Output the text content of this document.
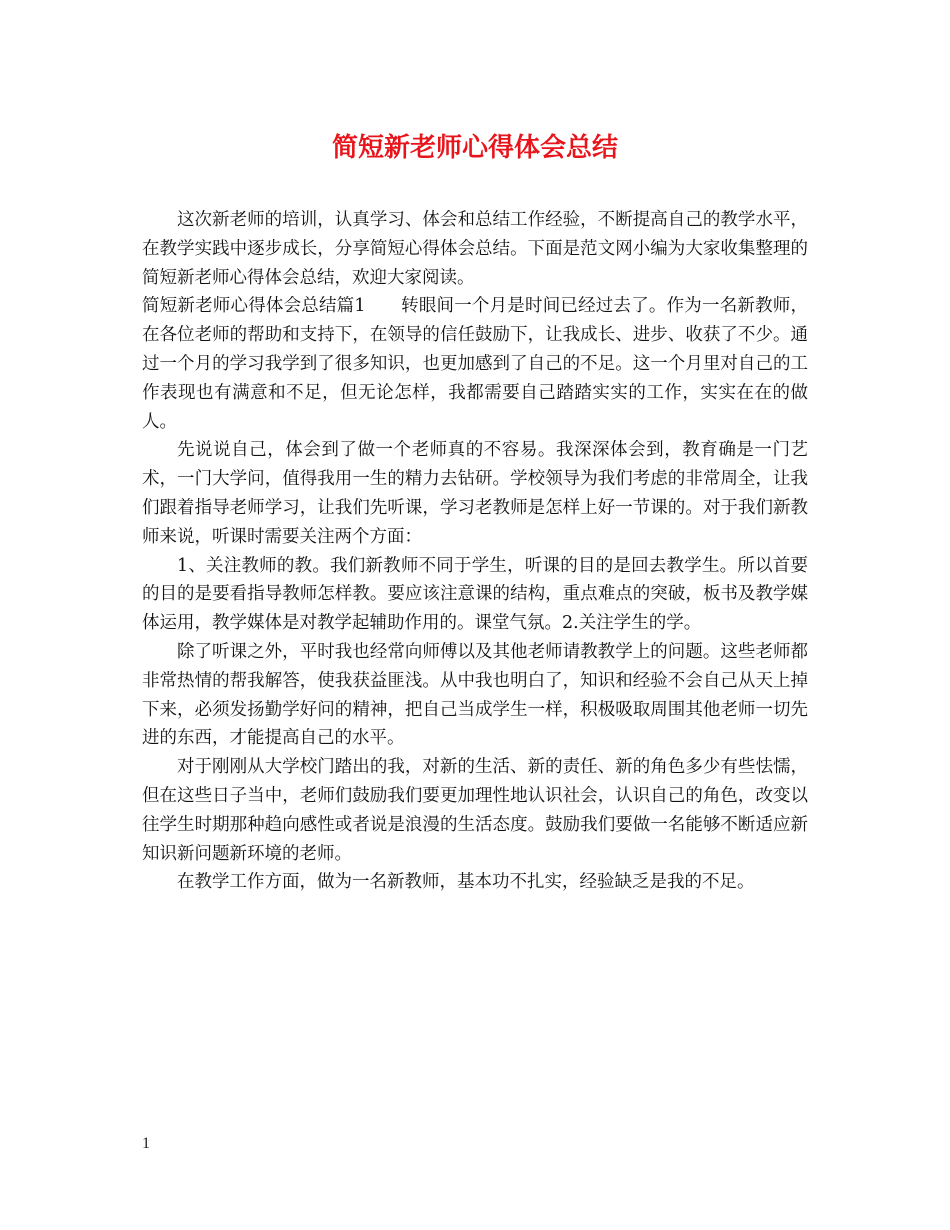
简短新老师心得体会总结

这次新老师的培训，认真学习、体会和总结工作经验，不断提高自己的教学水平，在教学实践中逐步成长，分享简短心得体会总结。下面是范文网小编为大家收集整理的简短新老师心得体会总结，欢迎大家阅读。

简短新老师心得体会总结篇1　　转眼间一个月是时间已经过去了。作为一名新教师，在各位老师的帮助和支持下，在领导的信任鼓励下，让我成长、进步、收获了不少。通过一个月的学习我学到了很多知识，也更加感到了自己的不足。这一个月里对自己的工作表现也有满意和不足，但无论怎样，我都需要自己踏踏实实的工作，实实在在的做人。

先说说自己，体会到了做一个老师真的不容易。我深深体会到，教育确是一门艺术，一门大学问，值得我用一生的精力去钻研。学校领导为我们考虑的非常周全，让我们跟着指导老师学习，让我们先听课，学习老教师是怎样上好一节课的。对于我们新教师来说，听课时需要关注两个方面：

1、关注教师的教。我们新教师不同于学生，听课的目的是回去教学生。所以首要的目的是要看指导教师怎样教。要应该注意课的结构，重点难点的突破，板书及教学媒体运用，教学媒体是对教学起辅助作用的。课堂气氛。2.关注学生的学。

除了听课之外，平时我也经常向师傅以及其他老师请教教学上的问题。这些老师都非常热情的帮我解答，使我获益匪浅。从中我也明白了，知识和经验不会自己从天上掉下来，必须发扬勤学好问的精神，把自己当成学生一样，积极吸取周围其他老师一切先进的东西，才能提高自己的水平。

对于刚刚从大学校门踏出的我，对新的生活、新的责任、新的角色多少有些怯懦，但在这些日子当中，老师们鼓励我们要更加理性地认识社会，认识自己的角色，改变以往学生时期那种趋向感性或者说是浪漫的生活态度。鼓励我们要做一名能够不断适应新知识新问题新环境的老师。

在教学工作方面，做为一名新教师，基本功不扎实，经验缺乏是我的不足。

1
